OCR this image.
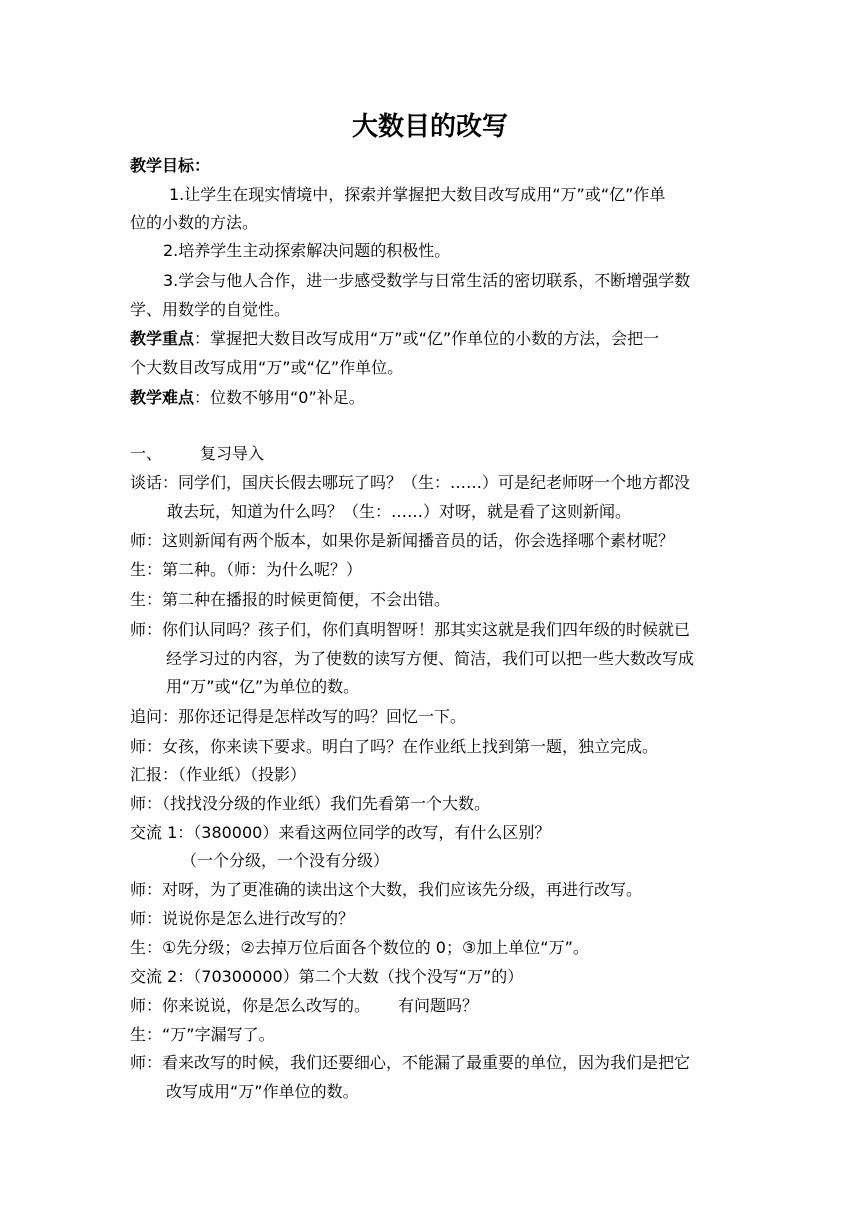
大数目的改写
教学目标：
1.让学生在现实情境中，探索并掌握把大数目改写成用“万”或“亿”作单
位的小数的方法。
2.培养学生主动探索解决问题的积极性。
3.学会与他人合作，进一步感受数学与日常生活的密切联系，不断增强学数
学、用数学的自觉性。
教学重点：掌握把大数目改写成用“万”或“亿”作单位的小数的方法，会把一
个大数目改写成用“万”或“亿”作单位。
教学难点：位数不够用“0”补足。
一、 复习导入
谈话：同学们，国庆长假去哪玩了吗？（生：……）可是纪老师呀一个地方都没
敢去玩，知道为什么吗？（生：……）对呀，就是看了这则新闻。
师：这则新闻有两个版本，如果你是新闻播音员的话，你会选择哪个素材呢？
生：第二种。（师：为什么呢？）
生：第二种在播报的时候更简便，不会出错。
师：你们认同吗？孩子们，你们真明智呀！那其实这就是我们四年级的时候就已
经学习过的内容，为了使数的读写方便、简洁，我们可以把一些大数改写成
用“万”或“亿”为单位的数。
追问：那你还记得是怎样改写的吗？回忆一下。
师：女孩，你来读下要求。明白了吗？在作业纸上找到第一题，独立完成。
汇报：（作业纸）（投影）
师：（找找没分级的作业纸）我们先看第一个大数。
交流 1：（380000）来看这两位同学的改写，有什么区别？
（一个分级，一个没有分级）
师：对呀，为了更准确的读出这个大数，我们应该先分级，再进行改写。
师：说说你是怎么进行改写的？
生：①先分级；②去掉万位后面各个数位的 0；③加上单位“万”。
交流 2：（70300000）第二个大数（找个没写“万”的）
师：你来说说，你是怎么改写的。 有问题吗？
生：“万”字漏写了。
师：看来改写的时候，我们还要细心，不能漏了最重要的单位，因为我们是把它
改写成用“万”作单位的数。
